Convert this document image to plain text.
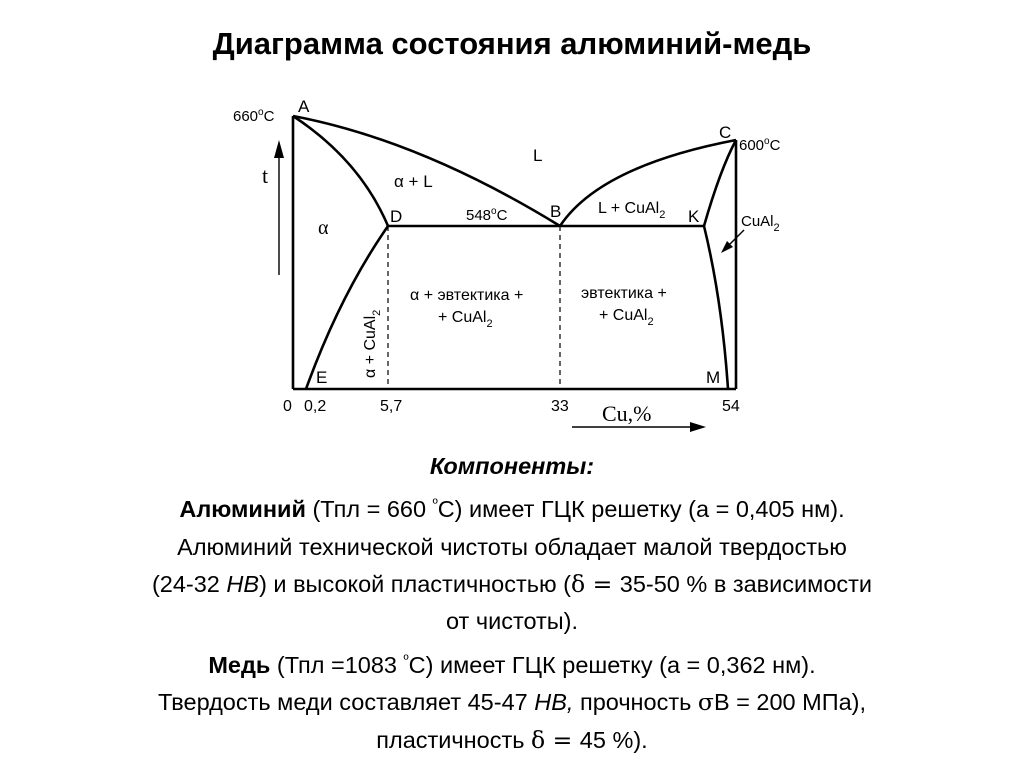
Диаграмма состояния алюминий-медь
t
Cu,%
0 0,2	5,7	33	54
660$^o$C
600$^o$C
548$^o$C
A
B
C
D	K
E	M
L
α
α + L
L + CuAl$_2$	CuAl$_2$
α + CuAl$_2$
α + эвтектика +
+ CuAl$_2$
эвтектика +
+ CuAl$_2$
Компоненты:
Алюминий (Тпл = 660 $^º$С) имеет ГЦК решетку (а = 0,405 нм).
Алюминий технической чистоты обладает малой твердостью
(24-32 НВ) и высокой пластичностью (δ = 35-50 % в зависимости
от чистоты).
Медь (Тпл =1083 $^º$С) имеет ГЦК решетку (а = 0,362 нм).
Твердость меди составляет 45-47 НВ, прочность σВ = 200 МПа),
пластичность δ = 45 %).
